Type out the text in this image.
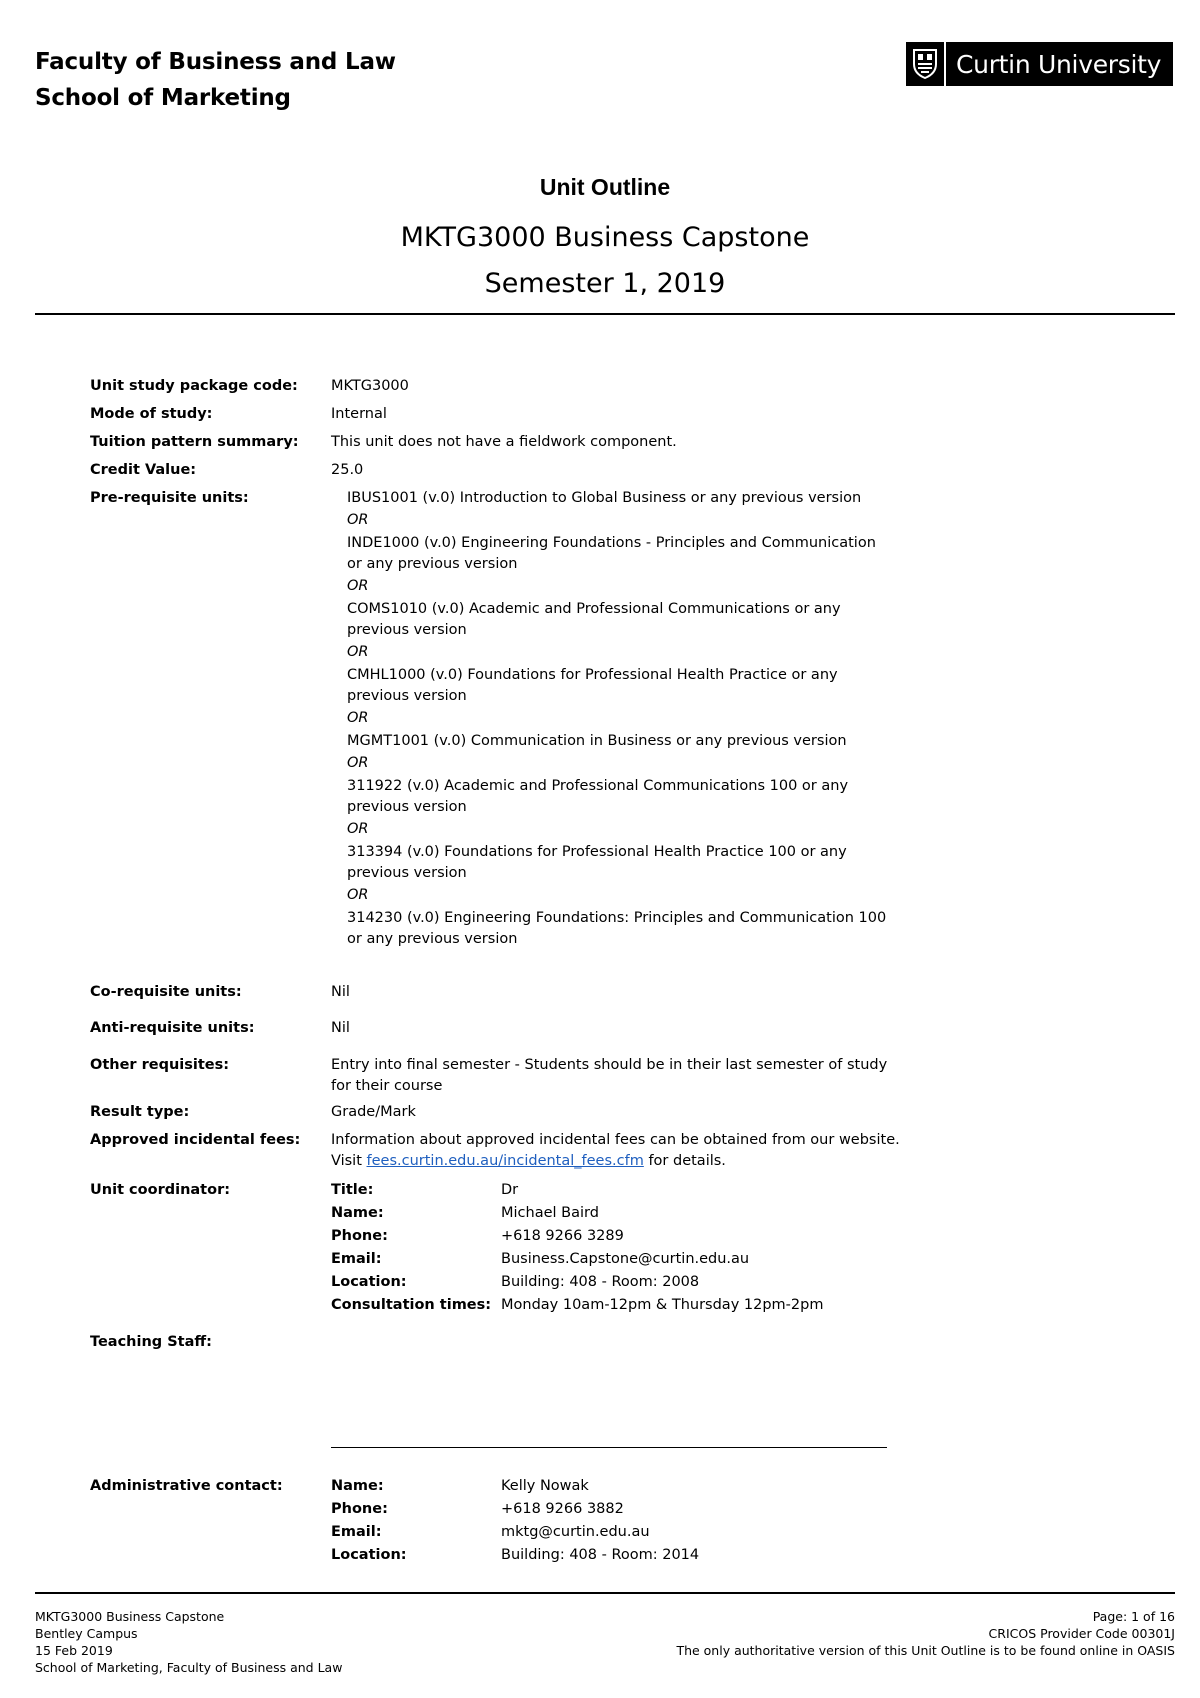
Faculty of Business and Law
School of Marketing
Curtin University
Unit Outline
MKTG3000 Business Capstone
Semester 1, 2019
Unit study package code: MKTG3000
Mode of study:	Internal
Tuition pattern summary: This unit does not have a fieldwork component.
Credit Value:	25.0
Pre-requisite units:	IBUS1001 (v.0) Introduction to Global Business or any previous version
OR
INDE1000 (v.0) Engineering Foundations - Principles and Communication or any previous version
OR
COMS1010 (v.0) Academic and Professional Communications or any previous version
OR
CMHL1000 (v.0) Foundations for Professional Health Practice or any previous version
OR
MGMT1001 (v.0) Communication in Business or any previous version
OR
311922 (v.0) Academic and Professional Communications 100 or any previous version
OR
313394 (v.0) Foundations for Professional Health Practice 100 or any previous version
OR
314230 (v.0) Engineering Foundations: Principles and Communication 100 or any previous version
Co-requisite units:	Nil
Anti-requisite units:	Nil
Other requisites:	Entry into final semester - Students should be in their last semester of study for their course
Result type:	Grade/Mark
Approved incidental fees: Information about approved incidental fees can be obtained from our website.
Visit fees.curtin.edu.au/incidental_fees.cfm for details.
Unit coordinator:	Title:	Dr
Name:	Michael Baird
Phone:	+618 9266 3289
Email:	Business.Capstone@curtin.edu.au
Location:	Building: 408 - Room: 2008
Consultation times: Monday 10am-12pm & Thursday 12pm-2pm
Teaching Staff:
Administrative contact:	Name:	Kelly Nowak
Phone:	+618 9266 3882
Email:	mktg@curtin.edu.au
Location:	Building: 408 - Room: 2014
MKTG3000 Business Capstone
Bentley Campus
15 Feb 2019
School of Marketing, Faculty of Business and Law
Page: 1 of 16
CRICOS Provider Code 00301J
The only authoritative version of this Unit Outline is to be found online in OASIS
